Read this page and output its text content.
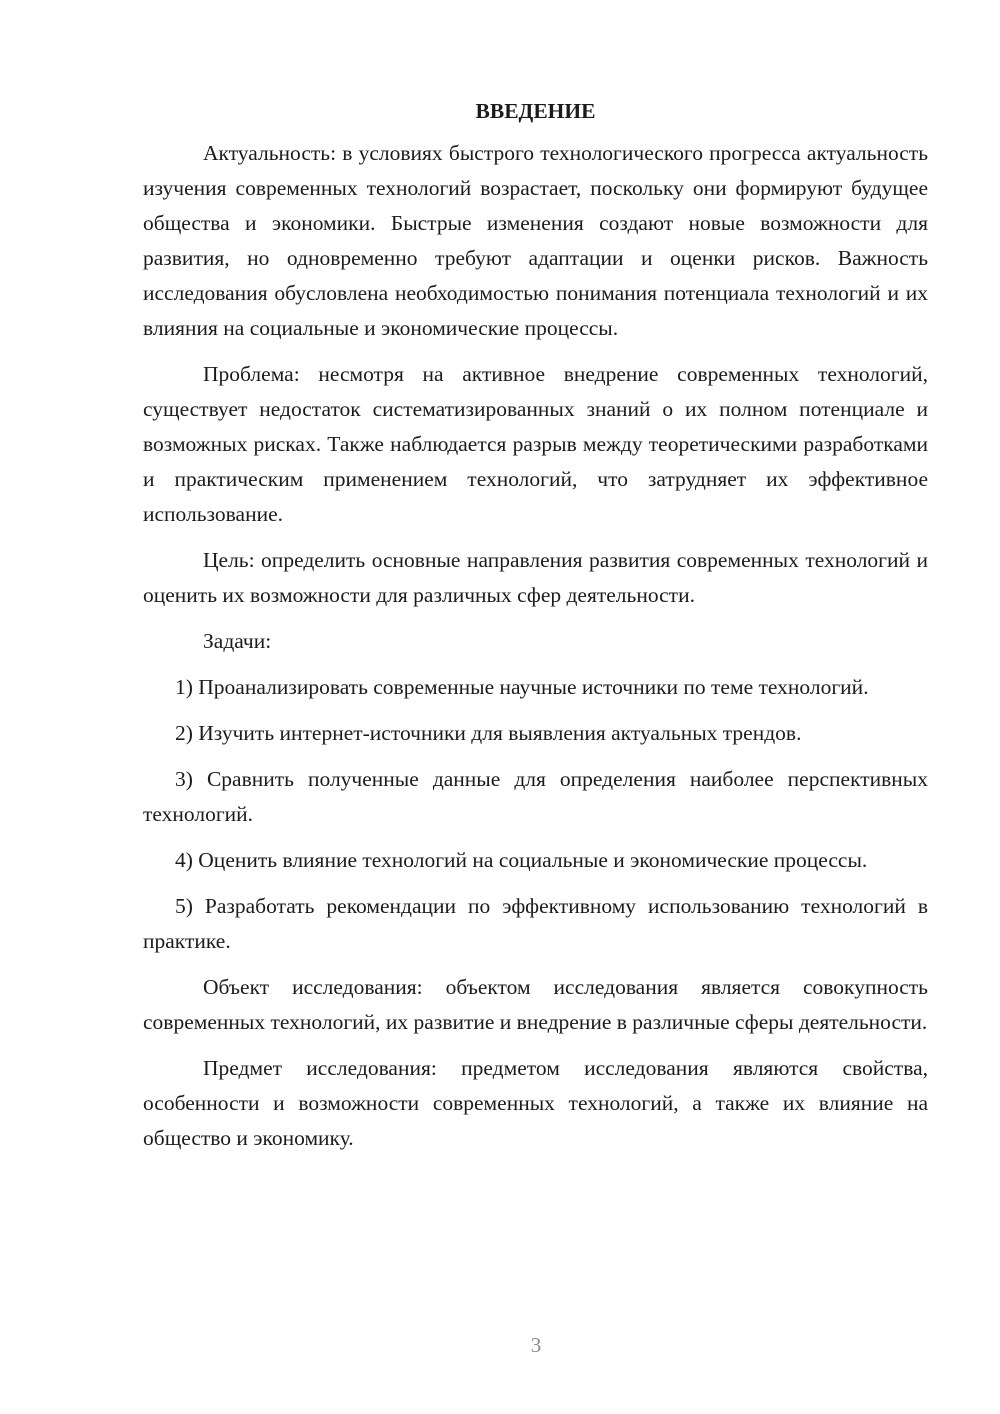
ВВЕДЕНИЕ

Актуальность: в условиях быстрого технологического прогресса актуальность изучения современных технологий возрастает, поскольку они формируют будущее общества и экономики. Быстрые изменения создают новые возможности для развития, но одновременно требуют адаптации и оценки рисков. Важность исследования обусловлена необходимостью понимания потенциала технологий и их влияния на социальные и экономические процессы.

Проблема: несмотря на активное внедрение современных технологий, существует недостаток систематизированных знаний о их полном потенциале и возможных рисках. Также наблюдается разрыв между теоретическими разработками и практическим применением технологий, что затрудняет их эффективное использование.

Цель: определить основные направления развития современных технологий и оценить их возможности для различных сфер деятельности.

Задачи:

1) Проанализировать современные научные источники по теме технологий.

2) Изучить интернет-источники для выявления актуальных трендов.

3) Сравнить полученные данные для определения наиболее перспективных технологий.

4) Оценить влияние технологий на социальные и экономические процессы.

5) Разработать рекомендации по эффективному использованию технологий в практике.

Объект исследования: объектом исследования является совокупность современных технологий, их развитие и внедрение в различные сферы деятельности.

Предмет исследования: предметом исследования являются свойства, особенности и возможности современных технологий, а также их влияние на общество и экономику.

3
